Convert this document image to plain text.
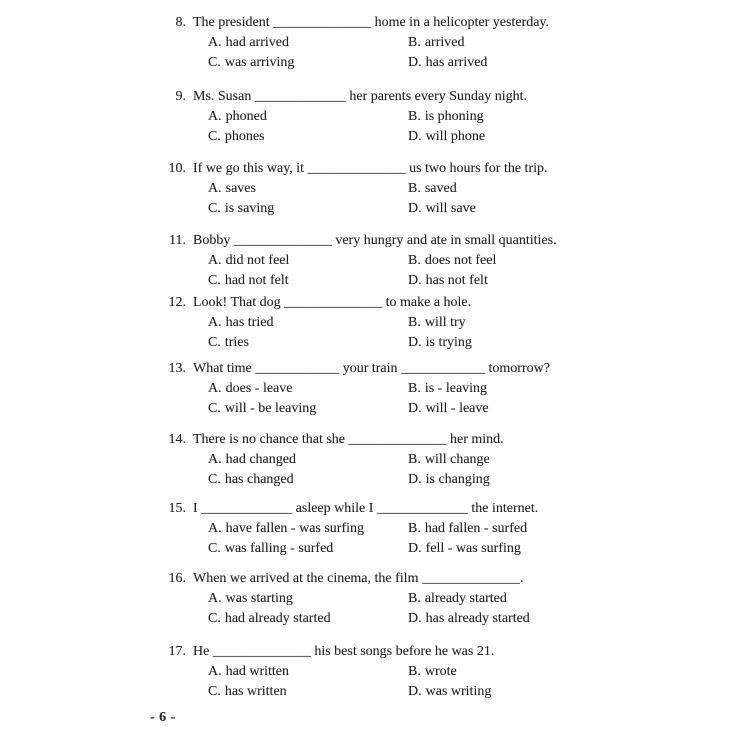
8. The president ______________ home in a helicopter yesterday.
A. had arrived	B. arrived
C. was arriving	D. has arrived
9. Ms. Susan _____________ her parents every Sunday night.
A. phoned	B. is phoning
C. phones	D. will phone
10. If we go this way, it ______________ us two hours for the trip.
A. saves	B. saved
C. is saving	D. will save
11. Bobby ______________ very hungry and ate in small quantities.
A. did not feel	B. does not feel
C. had not felt	D. has not felt
12. Look! That dog ______________ to make a hole.
A. has tried	B. will try
C. tries	D. is trying
13. What time ____________ your train ____________ tomorrow?
A. does - leave	B. is - leaving
C. will - be leaving	D. will - leave
14. There is no chance that she ______________ her mind.
A. had changed	B. will change
C. has changed	D. is changing
15. I _____________ asleep while I _____________ the internet.
A. have fallen - was surfing	B. had fallen - surfed
C. was falling - surfed	D. fell - was surfing
16. When we arrived at the cinema, the film ______________.
A. was starting	B. already started
C. had already started	D. has already started
17. He ______________ his best songs before he was 21.
A. had written	B. wrote
C. has written	D. was writing
- 6 -
